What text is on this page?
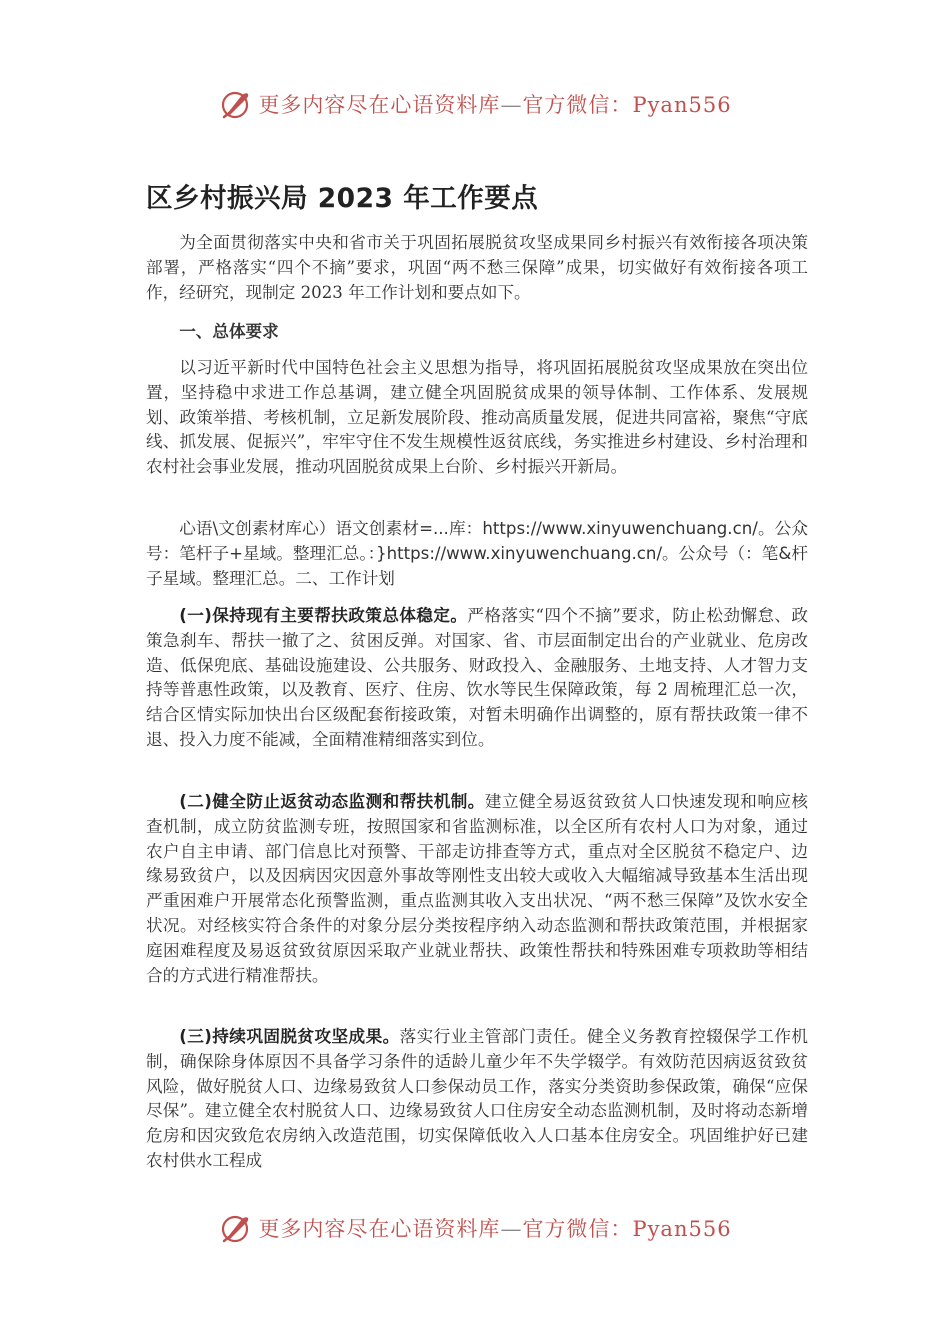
更多内容尽在心语资料库—官方微信：Pyan556
区乡村振兴局 2023 年工作要点

为全面贯彻落实中央和省市关于巩固拓展脱贫攻坚成果同乡村振兴有效衔接各项决策部署，严格落实“四个不摘”要求，巩固“两不愁三保障”成果，切实做好有效衔接各项工作，经研究，现制定 2023 年工作计划和要点如下。

一、总体要求

以习近平新时代中国特色社会主义思想为指导，将巩固拓展脱贫攻坚成果放在突出位置，坚持稳中求进工作总基调，建立健全巩固脱贫成果的领导体制、工作体系、发展规划、政策举措、考核机制，立足新发展阶段、推动高质量发展，促进共同富裕，聚焦“守底线、抓发展、促振兴”，牢牢守住不发生规模性返贫底线，务实推进乡村建设、乡村治理和农村社会事业发展，推动巩固脱贫成果上台阶、乡村振兴开新局。

心语\文创素材库心）语文创素材=...库：https://www.xinyuwenchuang.cn/。公众号：笔杆子+星域。整理汇总。：}https://www.xinyuwenchuang.cn/。公众号（：笔&杆子星域。整理汇总。二、工作计划

(一)保持现有主要帮扶政策总体稳定。严格落实“四个不摘”要求，防止松劲懈怠、政策急刹车、帮扶一撤了之、贫困反弹。对国家、省、市层面制定出台的产业就业、危房改造、低保兜底、基础设施建设、公共服务、财政投入、金融服务、土地支持、人才智力支持等普惠性政策，以及教育、医疗、住房、饮水等民生保障政策，每 2 周梳理汇总一次，结合区情实际加快出台区级配套衔接政策，对暂未明确作出调整的，原有帮扶政策一律不退、投入力度不能减，全面精准精细落实到位。

(二)健全防止返贫动态监测和帮扶机制。建立健全易返贫致贫人口快速发现和响应核查机制，成立防贫监测专班，按照国家和省监测标准，以全区所有农村人口为对象，通过农户自主申请、部门信息比对预警、干部走访排查等方式，重点对全区脱贫不稳定户、边缘易致贫户，以及因病因灾因意外事故等刚性支出较大或收入大幅缩减导致基本生活出现严重困难户开展常态化预警监测，重点监测其收入支出状况、“两不愁三保障”及饮水安全状况。对经核实符合条件的对象分层分类按程序纳入动态监测和帮扶政策范围，并根据家庭困难程度及易返贫致贫原因采取产业就业帮扶、政策性帮扶和特殊困难专项救助等相结合的方式进行精准帮扶。

(三)持续巩固脱贫攻坚成果。落实行业主管部门责任。健全义务教育控辍保学工作机制，确保除身体原因不具备学习条件的适龄儿童少年不失学辍学。有效防范因病返贫致贫风险，做好脱贫人口、边缘易致贫人口参保动员工作，落实分类资助参保政策，确保“应保尽保”。建立健全农村脱贫人口、边缘易致贫人口住房安全动态监测机制，及时将动态新增危房和因灾致危农房纳入改造范围，切实保障低收入人口基本住房安全。巩固维护好已建农村供水工程成

更多内容尽在心语资料库—官方微信：Pyan556
